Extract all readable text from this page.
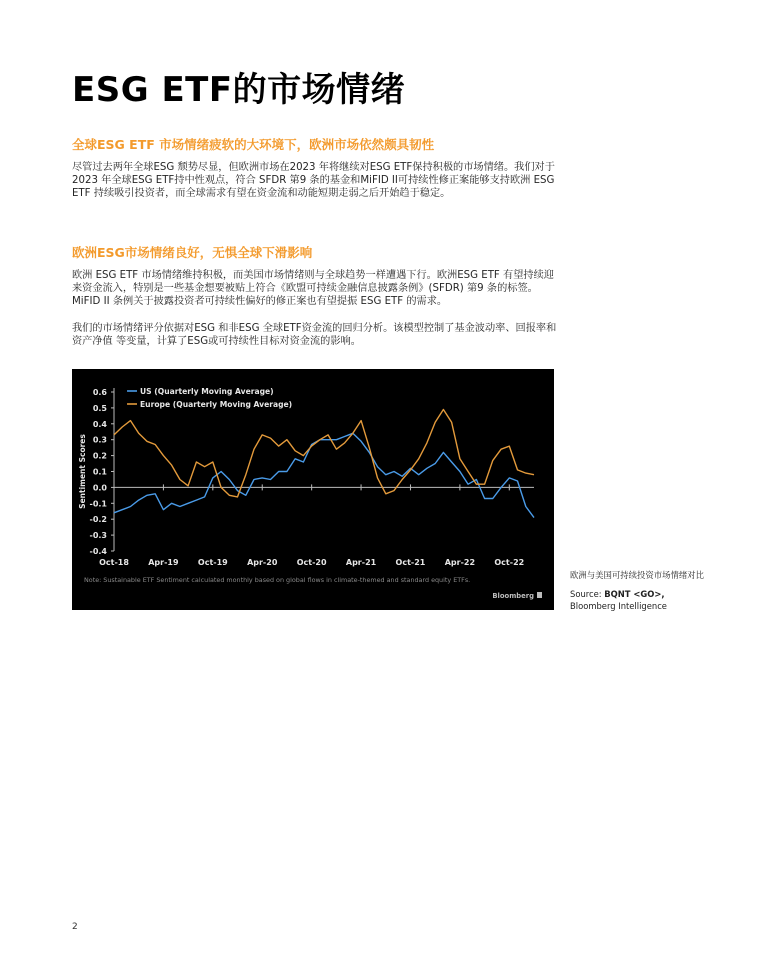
ESG ETF的市场情绪
全球ESG ETF 市场情绪疲软的大环境下，欧洲市场依然颇具韧性

尽管过去两年全球ESG 颓势尽显，但欧洲市场在2023 年将继续对ESG ETF保持积极的市场情绪。我们对于2023 年全球ESG ETF持中性观点，符合 SFDR 第9 条的基金和MiFID II可持续性修正案能够支持欧洲 ESG ETF 持续吸引投资者，而全球需求有望在资金流和动能短期走弱之后开始趋于稳定。

欧洲ESG市场情绪良好，无惧全球下滑影响

欧洲 ESG ETF 市场情绪维持积极，而美国市场情绪则与全球趋势一样遭遇下行。欧洲ESG ETF 有望持续迎来资金流入，特别是一些基金想要被贴上符合《欧盟可持续金融信息披露条例》(SFDR) 第9 条的标签。MiFID II 条例关于披露投资者可持续性偏好的修正案也有望提振 ESG ETF 的需求。

我们的市场情绪评分依据对ESG 和非ESG 全球ETF资金流的回归分析。该模型控制了基金波动率、回报率和资产净值 等变量，计算了ESG或可持续性目标对资金流的影响。

0.6
0.5
0.4
0.3
0.2
0.1
0.0
-0.1
-0.2
-0.3
-0.4
Oct-18 Apr-19 Oct-19 Apr-20 Oct-20 Apr-21 Oct-21 Apr-22 Oct-22
Sentiment Scores
US (Quarterly Moving Average)
Europe (Quarterly Moving Average)
Note: Sustainable ETF Sentiment calculated monthly based on global flows in climate-themed and standard equity ETFs.
Bloomberg
欧洲与美国可持续投资市场情绪对比
Source: BQNT <GO>,
Bloomberg Intelligence
2
